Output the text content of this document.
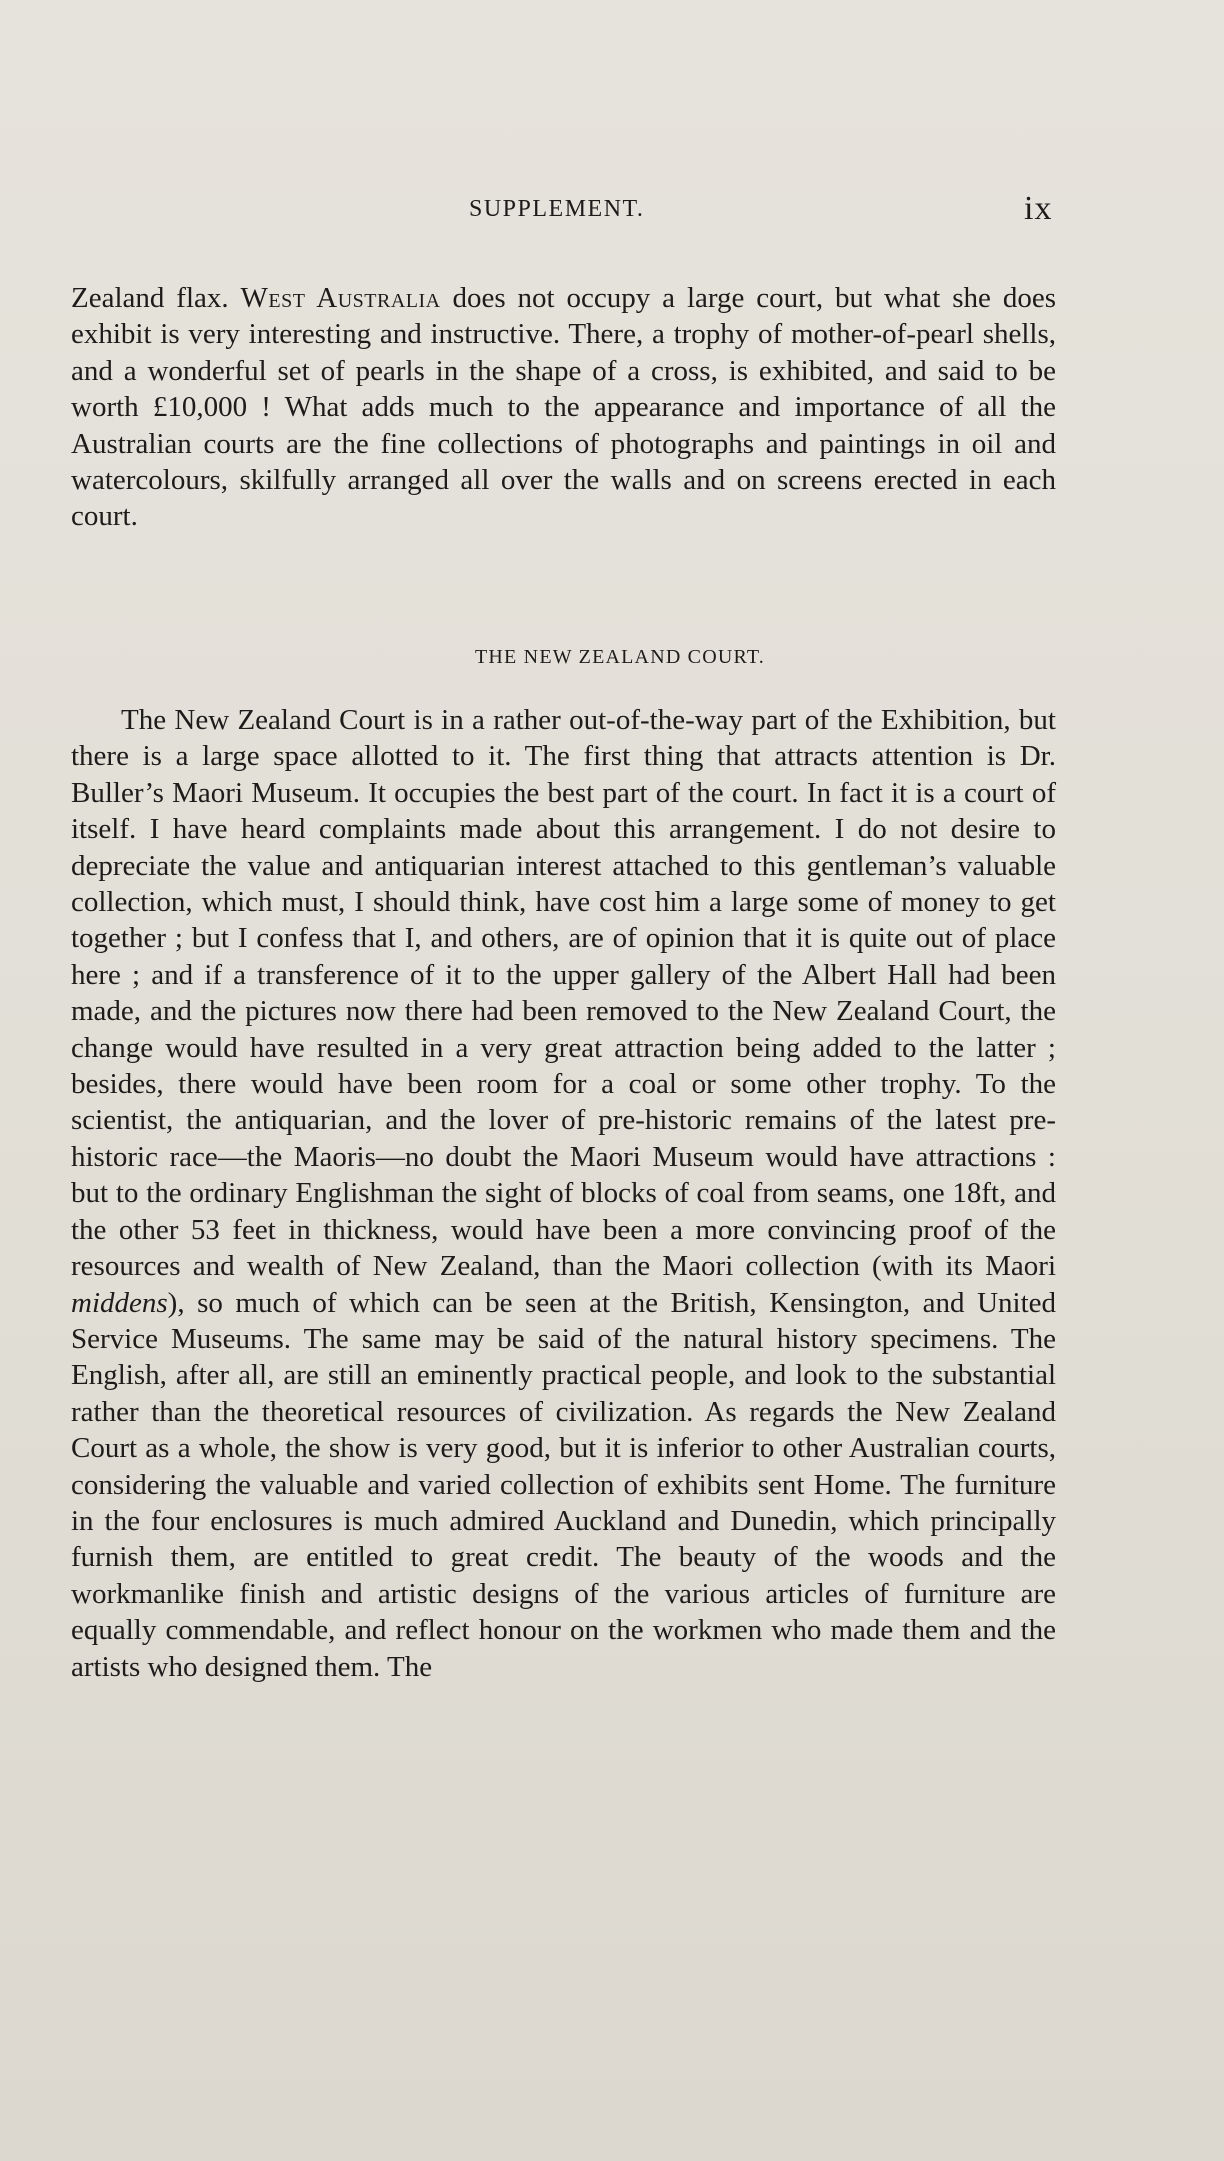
SUPPLEMENT.	ix

Zealand flax. West Australia does not occupy a large court, but what she does exhibit is very interesting and instructive. There, a trophy of mother-of-pearl shells, and a wonderful set of pearls in the shape of a cross, is exhibited, and said to be worth £10,000 ! What adds much to the appearance and importance of all the Australian courts are the fine collections of photographs and paintings in oil and watercolours, skilfully arranged all over the walls and on screens erected in each court.

THE NEW ZEALAND COURT.

The New Zealand Court is in a rather out-of-the-way part of the Exhibition, but there is a large space allotted to it. The first thing that attracts attention is Dr. Buller’s Maori Museum. It occupies the best part of the court. In fact it is a court of itself. I have heard complaints made about this arrangement. I do not desire to depreciate the value and antiquarian interest attached to this gentleman’s valuable collection, which must, I should think, have cost him a large some of money to get together ; but I confess that I, and others, are of opinion that it is quite out of place here ; and if a transference of it to the upper gallery of the Albert Hall had been made, and the pictures now there had been removed to the New Zealand Court, the change would have resulted in a very great attraction being added to the latter ; besides, there would have been room for a coal or some other trophy. To the scientist, the antiquarian, and the lover of pre-historic remains of the latest pre-historic race—the Maoris—no doubt the Maori Museum would have attractions : but to the ordinary Englishman the sight of blocks of coal from seams, one 18ft, and the other 53 feet in thickness, would have been a more convincing proof of the resources and wealth of New Zealand, than the Maori collection (with its Maori middens), so much of which can be seen at the British, Kensington, and United Service Museums. The same may be said of the natural history specimens. The English, after all, are still an eminently practical people, and look to the substantial rather than the theoretical resources of civilization. As regards the New Zealand Court as a whole, the show is very good, but it is inferior to other Australian courts, considering the valuable and varied collection of exhibits sent Home. The furniture in the four enclosures is much admired Auckland and Dunedin, which principally furnish them, are entitled to great credit. The beauty of the woods and the workmanlike finish and artistic designs of the various articles of furniture are equally commendable, and reflect honour on the workmen who made them and the artists who designed them. The
